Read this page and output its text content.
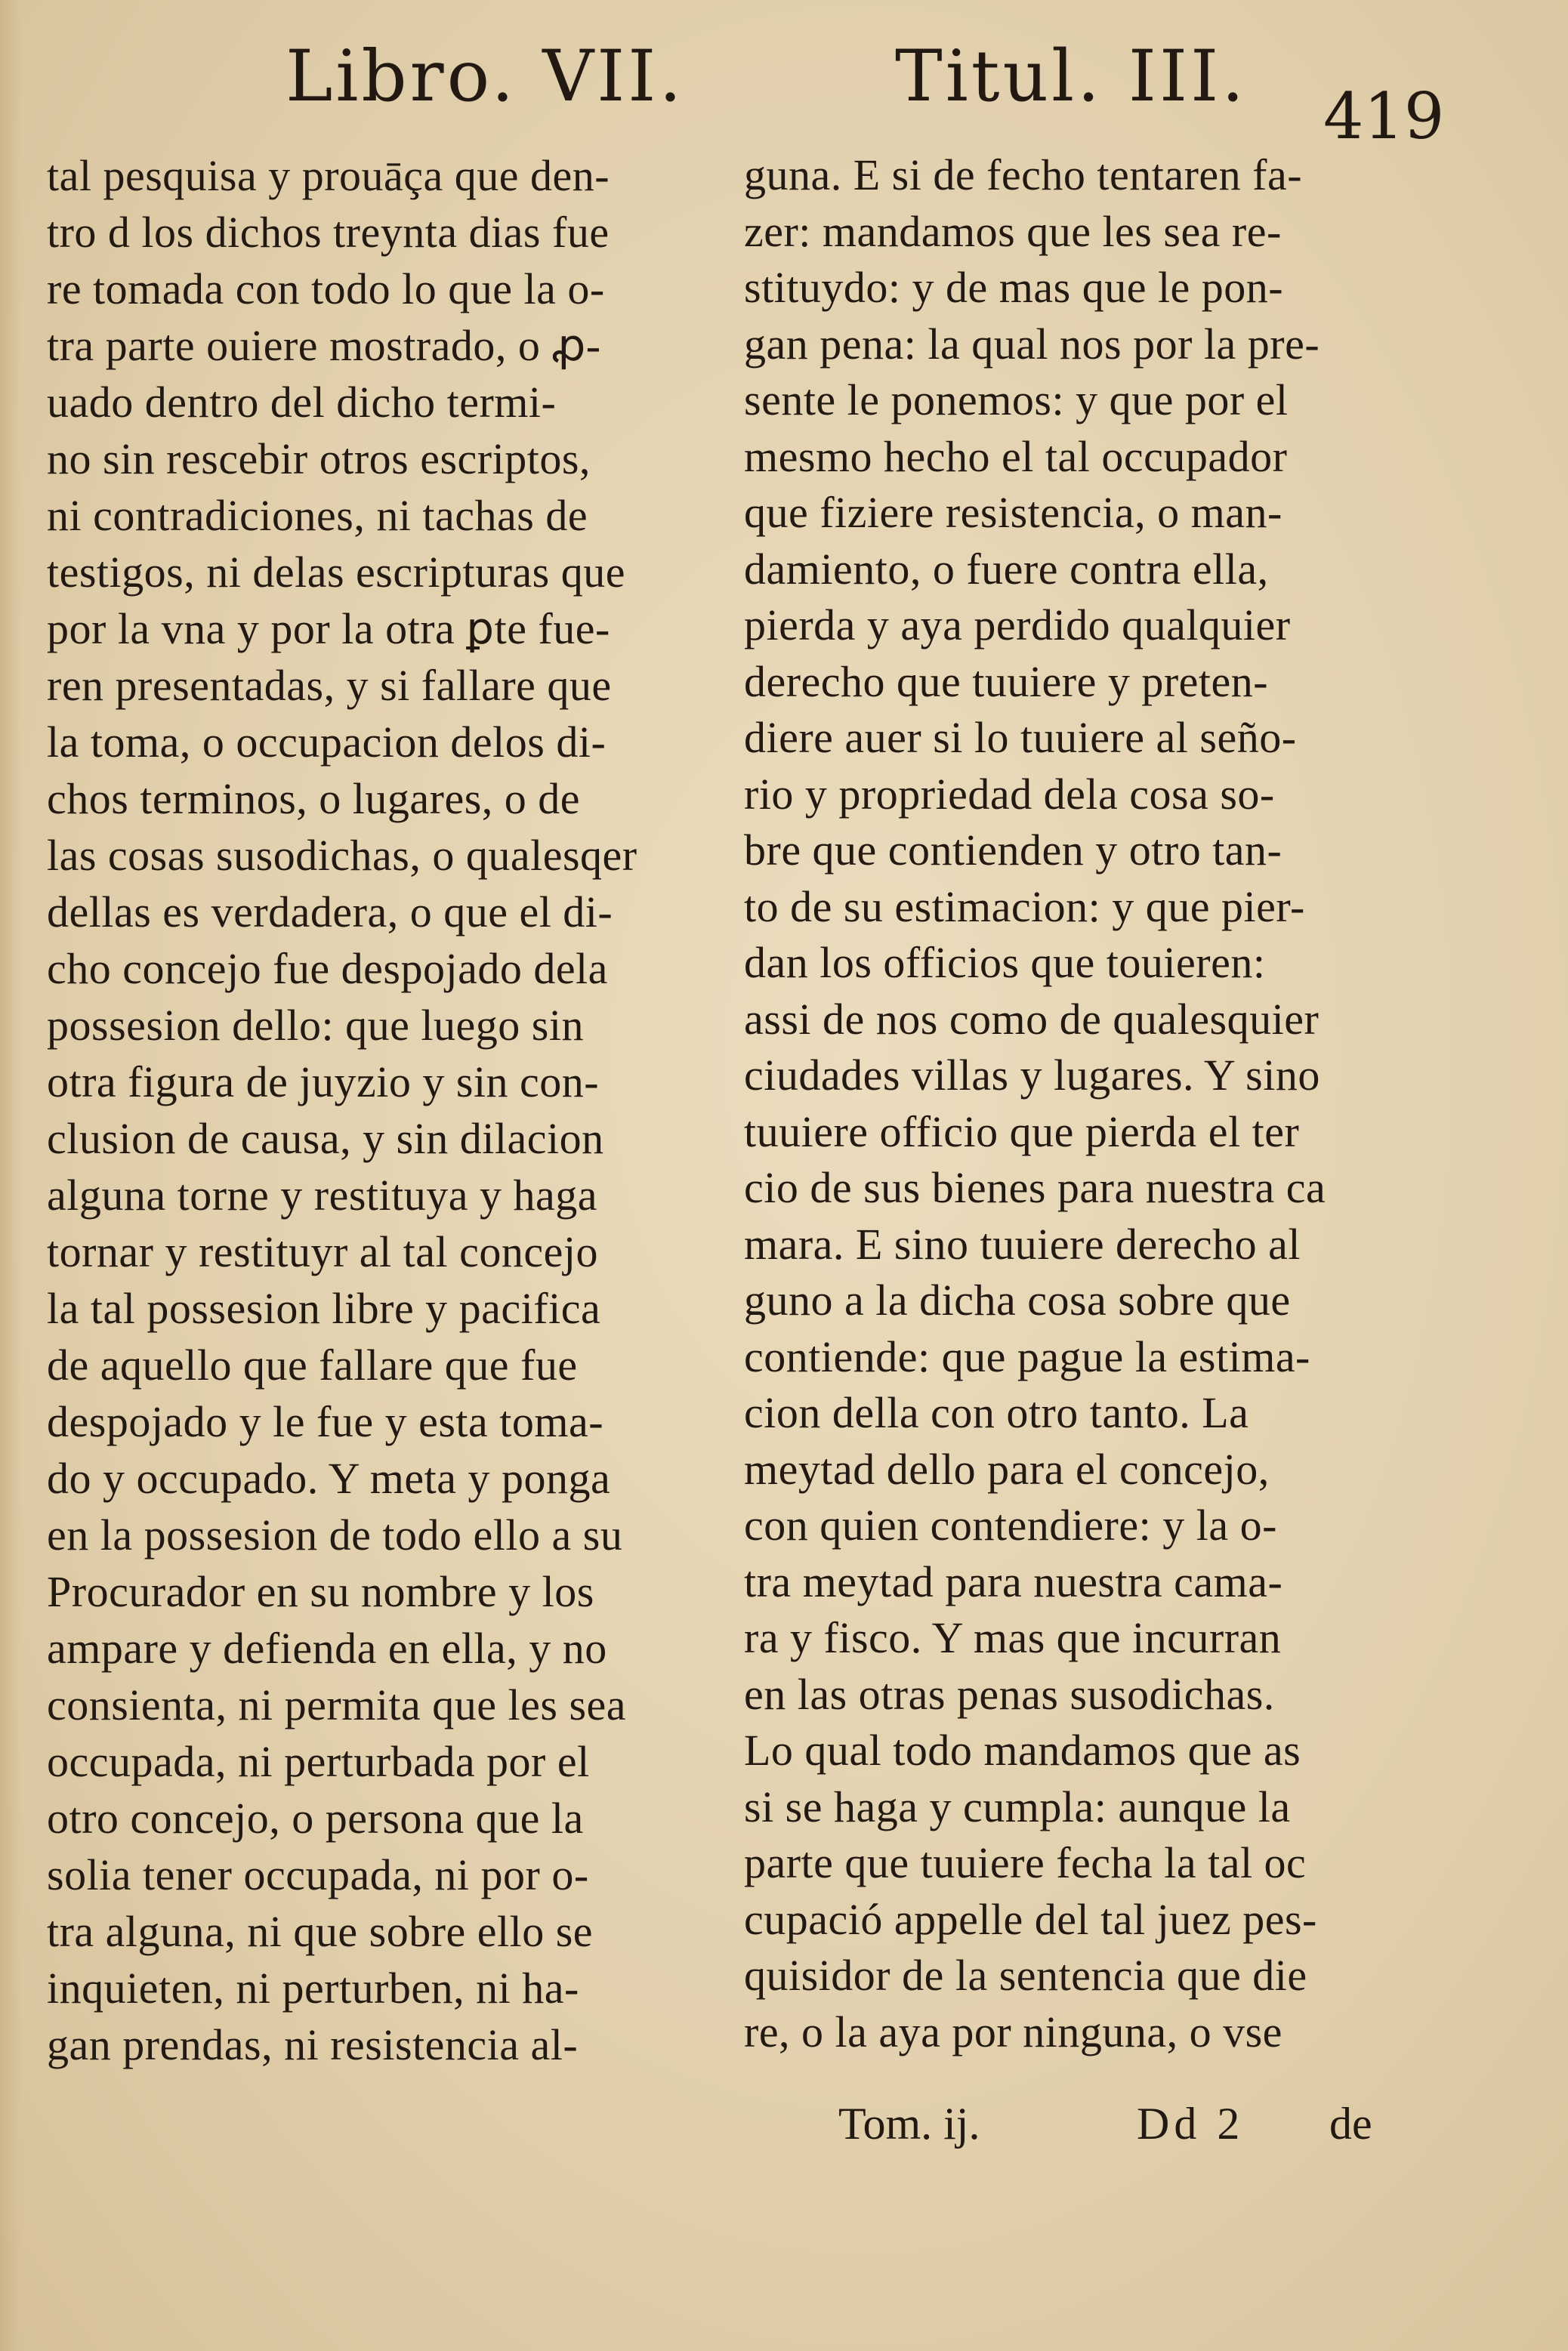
Libro. VII.	Titul. III. 419
tal pesquisa y prouāça que den-
tro d los dichos treynta dias fue
re tomada con todo lo que la o-
tra parte ouiere mostrado, o ꝓ-
uado dentro del dicho termi-
no sin rescebir otros escriptos,
ni contradiciones, ni tachas de
testigos, ni delas escripturas que
por la vna y por la otra ꝑte fue-
ren presentadas, y si fallare que
la toma, o occupacion delos di-
chos terminos, o lugares, o de
las cosas susodichas, o qualesqer
dellas es verdadera, o que el di-
cho concejo fue despojado dela
possesion dello: que luego sin
otra figura de juyzio y sin con-
clusion de causa, y sin dilacion
alguna torne y restituya y haga
tornar y restituyr al tal concejo
la tal possesion libre y pacifica
de aquello que fallare que fue
despojado y le fue y esta toma-
do y occupado. Y meta y ponga
en la possesion de todo ello a su
Procurador en su nombre y los
ampare y defienda en ella, y no
consienta, ni permita que les sea
occupada, ni perturbada por el
otro concejo, o persona que la
solia tener occupada, ni por o-
tra alguna, ni que sobre ello se
inquieten, ni perturben, ni ha-
gan prendas, ni resistencia al-
guna. E si de fecho tentaren fa-
zer: mandamos que les sea re-
stituydo: y de mas que le pon-
gan pena: la qual nos por la pre-
sente le ponemos: y que por el
mesmo hecho el tal occupador
que fiziere resistencia, o man-
damiento, o fuere contra ella,
pierda y aya perdido qualquier
derecho que tuuiere y preten-
diere auer si lo tuuiere al seño-
rio y propriedad dela cosa so-
bre que contienden y otro tan-
to de su estimacion: y que pier-
dan los officios que touieren:
assi de nos como de qualesquier
ciudades villas y lugares. Y sino
tuuiere officio que pierda el ter
cio de sus bienes para nuestra ca
mara. E sino tuuiere derecho al
guno a la dicha cosa sobre que
contiende: que pague la estima-
cion della con otro tanto. La
meytad dello para el concejo,
con quien contendiere: y la o-
tra meytad para nuestra cama-
ra y fisco. Y mas que incurran
en las otras penas susodichas.
Lo qual todo mandamos que as
si se haga y cumpla: aunque la
parte que tuuiere fecha la tal oc
cupació appelle del tal juez pes-
quisidor de la sentencia que die
re, o la aya por ninguna, o vse
Tom. ij.	Dd 2 de
